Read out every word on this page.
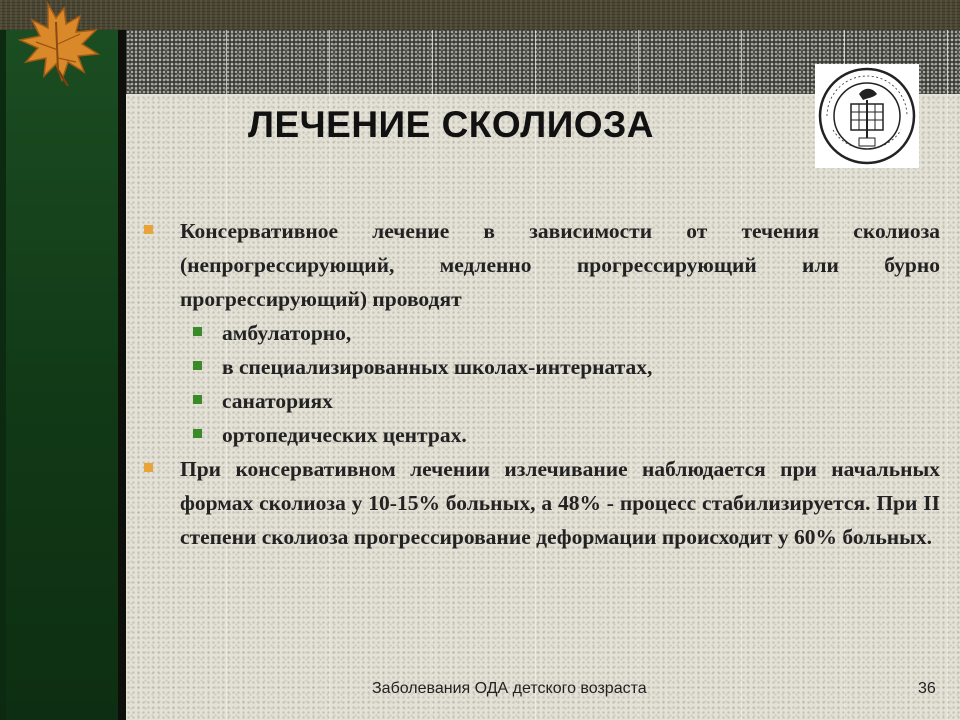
ЛЕЧЕНИЕ СКОЛИОЗА
Консервативное лечение в зависимости от течения сколиоза (непрогрессирующий, медленно прогрессирующий или бурно прогрессирующий) проводят
амбулаторно,
в специализированных школах-интернатах,
санаториях
ортопедических центрах.
При консервативном лечении излечивание наблюдается при начальных формах сколиоза у 10-15% больных, а 48% - процесс стабилизируется. При II степени сколиоза прогрессирование деформации происходит у 60% больных.
Заболевания ОДА детского возраста	36
